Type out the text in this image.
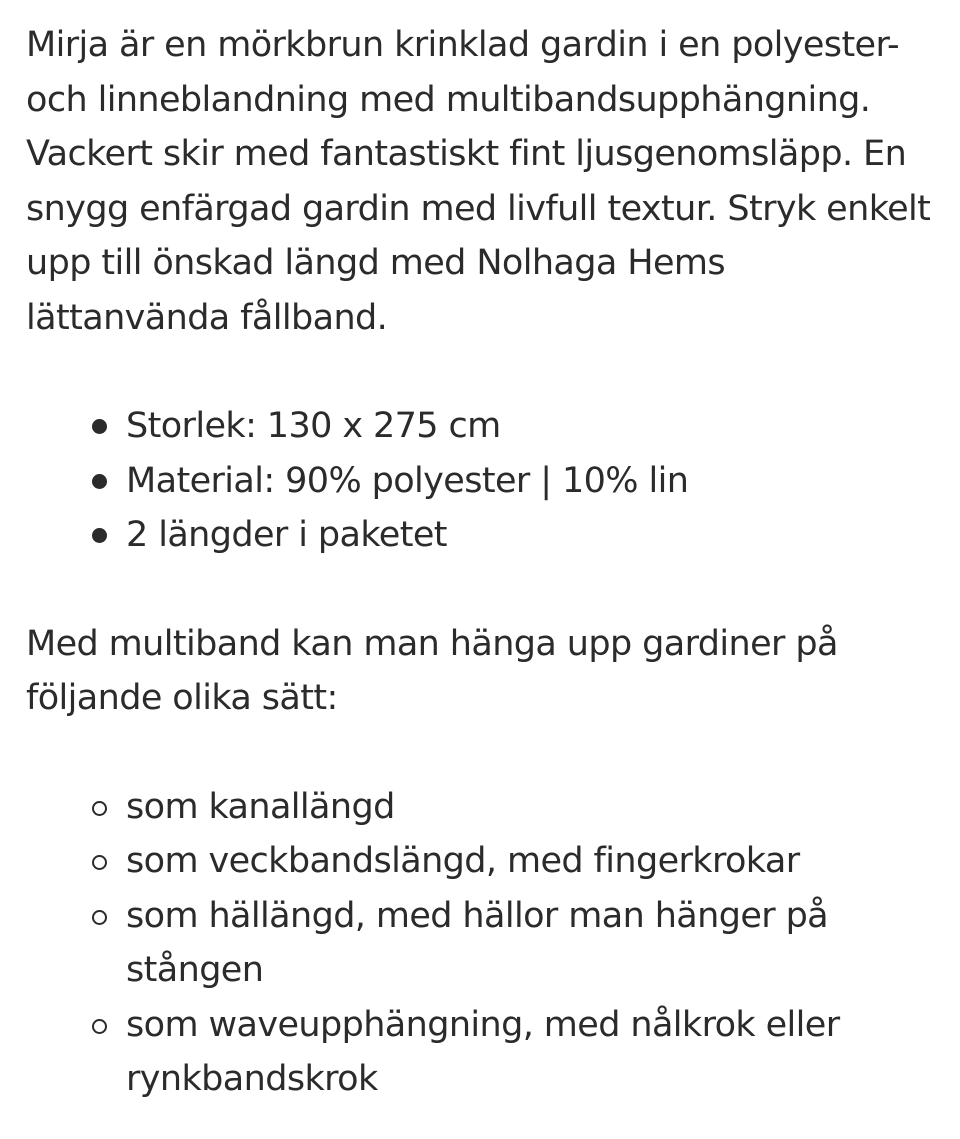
Mirja är en mörkbrun krinklad gardin i en polyester- och linneblandning med multibandsupphängning. Vackert skir med fantastiskt fint ljusgenomsläpp. En snygg enfärgad gardin med livfull textur. Stryk enkelt upp till önskad längd med Nolhaga Hems lättanvända fållband.

Storlek: 130 x 275 cm
Material: 90% polyester | 10% lin
2 längder i paketet

Med multiband kan man hänga upp gardiner på följande olika sätt:

som kanallängd
som veckbandslängd, med fingerkrokar
som hällängd, med hällor man hänger på stången
som waveupphängning, med nålkrok eller rynkbandskrok
